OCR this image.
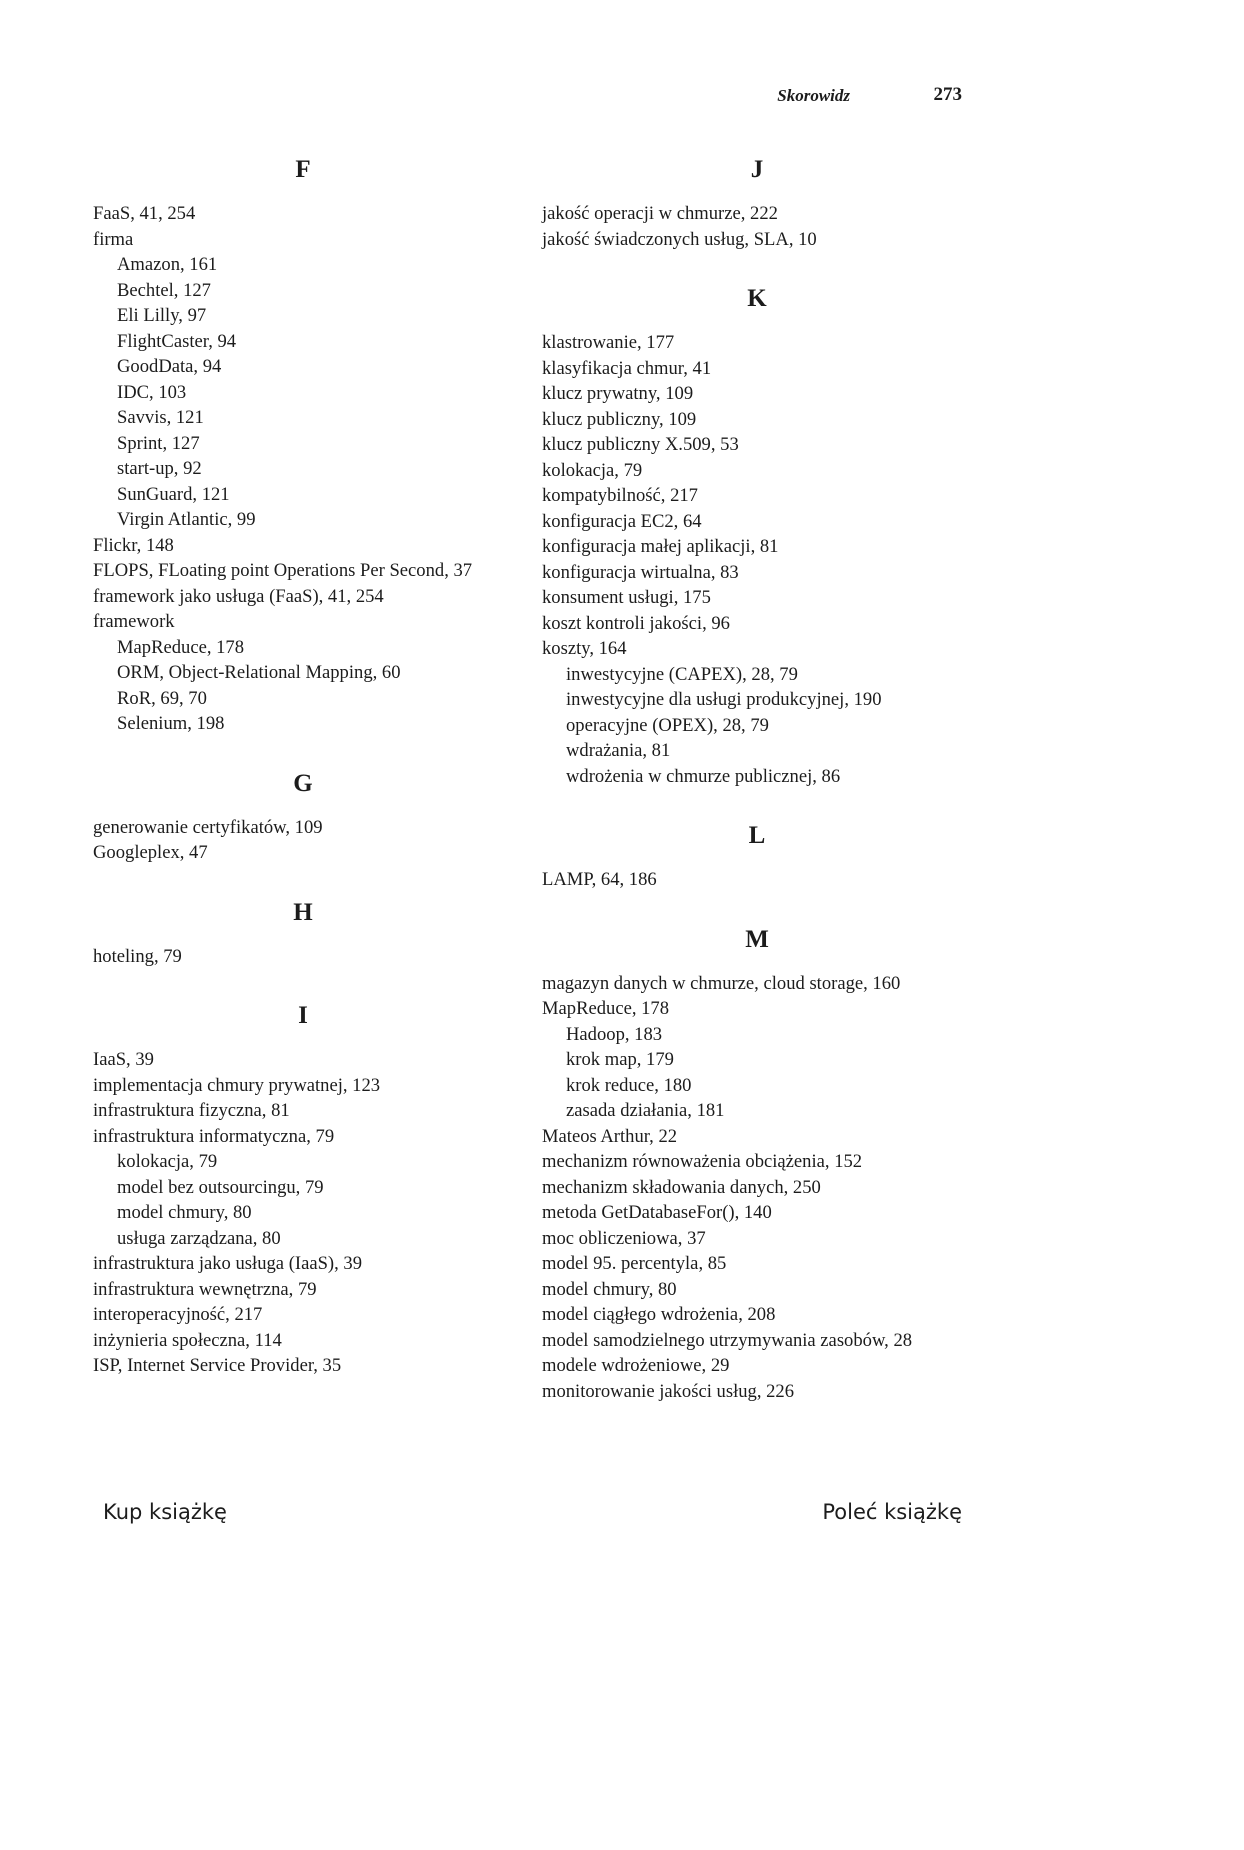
Skorowidz	273
F
FaaS, 41, 254
firma
Amazon, 161
Bechtel, 127
Eli Lilly, 97
FlightCaster, 94
GoodData, 94
IDC, 103
Savvis, 121
Sprint, 127
start-up, 92
SunGuard, 121
Virgin Atlantic, 99
Flickr, 148
FLOPS, FLoating point Operations Per Second, 37
framework jako usługa (FaaS), 41, 254
framework
MapReduce, 178
ORM, Object-Relational Mapping, 60
RoR, 69, 70
Selenium, 198
G
generowanie certyfikatów, 109
Googleplex, 47
H
hoteling, 79
I
IaaS, 39
implementacja chmury prywatnej, 123
infrastruktura fizyczna, 81
infrastruktura informatyczna, 79
kolokacja, 79
model bez outsourcingu, 79
model chmury, 80
usługa zarządzana, 80
infrastruktura jako usługa (IaaS), 39
infrastruktura wewnętrzna, 79
interoperacyjność, 217
inżynieria społeczna, 114
ISP, Internet Service Provider, 35
J
jakość operacji w chmurze, 222
jakość świadczonych usług, SLA, 10
K
klastrowanie, 177
klasyfikacja chmur, 41
klucz prywatny, 109
klucz publiczny, 109
klucz publiczny X.509, 53
kolokacja, 79
kompatybilność, 217
konfiguracja EC2, 64
konfiguracja małej aplikacji, 81
konfiguracja wirtualna, 83
konsument usługi, 175
koszt kontroli jakości, 96
koszty, 164
inwestycyjne (CAPEX), 28, 79
inwestycyjne dla usługi produkcyjnej, 190
operacyjne (OPEX), 28, 79
wdrażania, 81
wdrożenia w chmurze publicznej, 86
L
LAMP, 64, 186
M
magazyn danych w chmurze, cloud storage, 160
MapReduce, 178
Hadoop, 183
krok map, 179
krok reduce, 180
zasada działania, 181
Mateos Arthur, 22
mechanizm równoważenia obciążenia, 152
mechanizm składowania danych, 250
metoda GetDatabaseFor(), 140
moc obliczeniowa, 37
model 95. percentyla, 85
model chmury, 80
model ciągłego wdrożenia, 208
model samodzielnego utrzymywania zasobów, 28
modele wdrożeniowe, 29
monitorowanie jakości usług, 226
Kup książkę	Poleć książkę
